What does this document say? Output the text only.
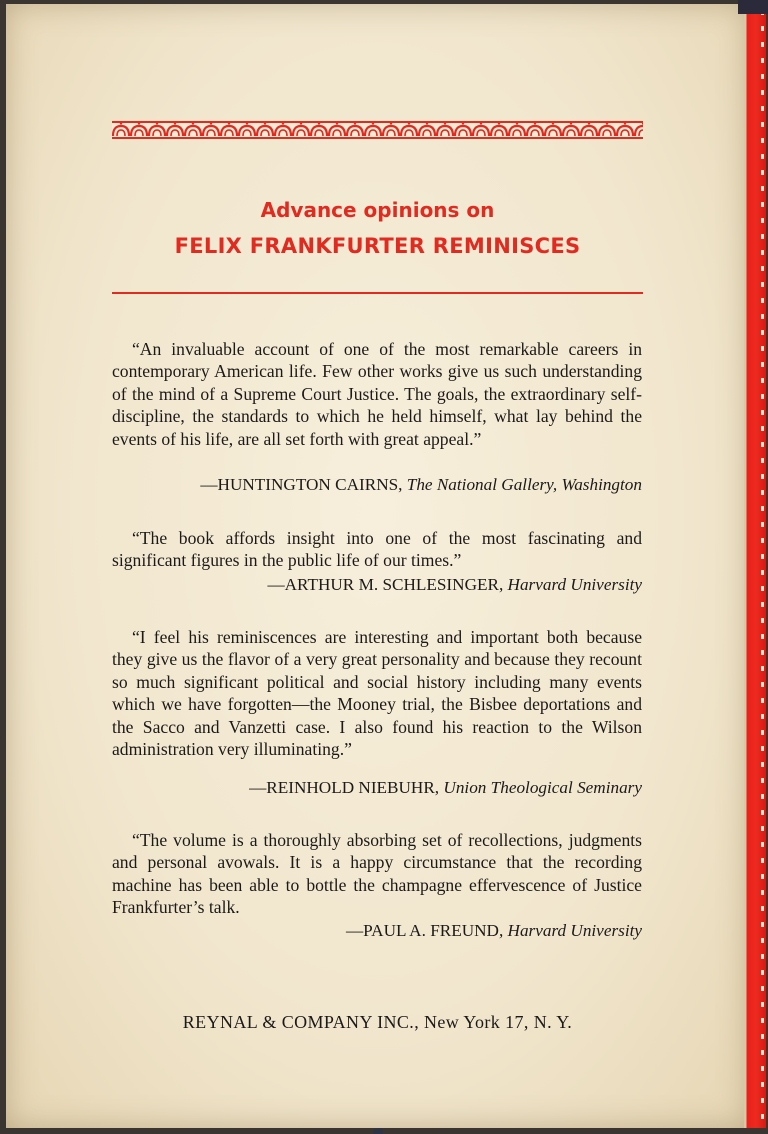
Advance opinions on
FELIX FRANKFURTER REMINISCES
“An invaluable account of one of the most remarkable careers in contemporary American life. Few other works give us such understanding of the mind of a Supreme Court Justice. The goals, the extraordinary self-discipline, the standards to which he held himself, what lay behind the events of his life, are all set forth with great appeal.”
—HUNTINGTON CAIRNS, The National Gallery, Washington
“The book affords insight into one of the most fascinating and significant figures in the public life of our times.”
—ARTHUR M. SCHLESINGER, Harvard University
“I feel his reminiscences are interesting and important both because they give us the flavor of a very great personality and because they recount so much significant political and social history including many events which we have forgotten—the Mooney trial, the Bisbee deportations and the Sacco and Vanzetti case. I also found his reaction to the Wilson administration very illuminating.”
—REINHOLD NIEBUHR, Union Theological Seminary
“The volume is a thoroughly absorbing set of recollections, judgments and personal avowals. It is a happy circumstance that the recording machine has been able to bottle the champagne effervescence of Justice Frankfurter’s talk.
—PAUL A. FREUND, Harvard University
REYNAL & COMPANY INC., New York 17, N. Y.
